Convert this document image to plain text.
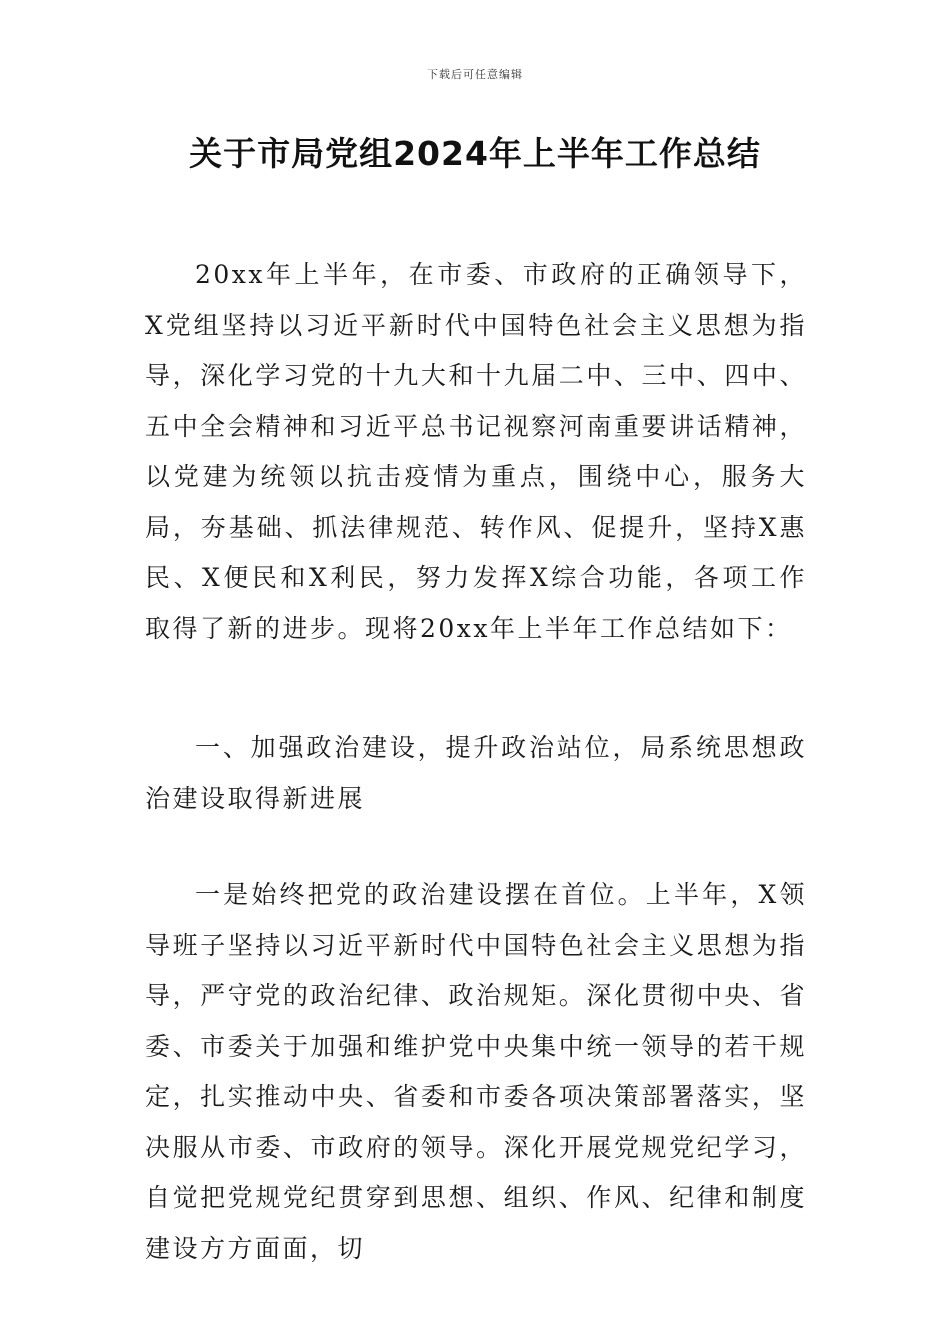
下载后可任意编辑
关于市局党组2024年上半年工作总结

20xx年上半年，在市委、市政府的正确领导下，X党组坚持以习近平新时代中国特色社会主义思想为指导，深化学习党的十九大和十九届二中、三中、四中、五中全会精神和习近平总书记视察河南重要讲话精神，以党建为统领以抗击疫情为重点，围绕中心，服务大局，夯基础、抓法律规范、转作风、促提升，坚持X惠民、X便民和X利民，努力发挥X综合功能，各项工作取得了新的进步。现将20xx年上半年工作总结如下：

一、加强政治建设，提升政治站位，局系统思想政治建设取得新进展

一是始终把党的政治建设摆在首位。上半年，X领导班子坚持以习近平新时代中国特色社会主义思想为指导，严守党的政治纪律、政治规矩。深化贯彻中央、省委、市委关于加强和维护党中央集中统一领导的若干规定，扎实推动中央、省委和市委各项决策部署落实，坚决服从市委、市政府的领导。深化开展党规党纪学习，自觉把党规党纪贯穿到思想、组织、作风、纪律和制度建设方方面面，切
